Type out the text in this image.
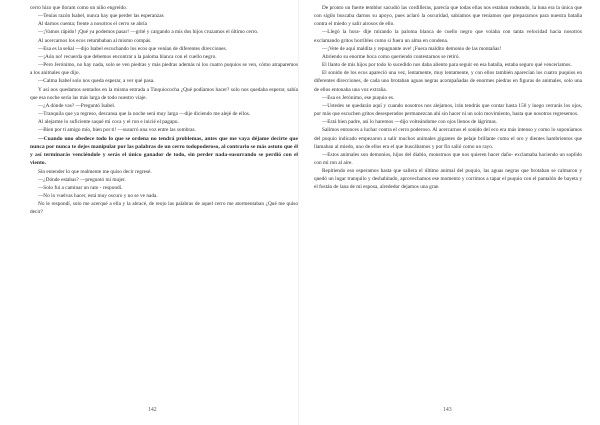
cerro hizo que lloram como un niño engreído.

—Tenías razón Isabel, nunca hay que perder las esperanzas

Al darnos cuenta; frente a nosotros el cerro se abría

—¡Vamos rápido! ¡Qué ya podemos pasar! —grité y cargando a mis dos hijos cruzamos el último cerro.

Al acercarnos los ecos retumbaban al mismo compás.

—Esa es la señal —dijo Isabel escuchando los ecos que venían de diferentes direcciones.

—¡Aún no! recuerda que debemos encontrar a la paloma blanca con el cuello negro.

—Pero Jerónimo, no hay nada, solo se ven piedras y más piedras además ni los cuatro puquios se ven, cómo atraparemos a los animales que dijo.

—Calma Isabel solo nos queda esperar, a ver qué pasa.

Y así nos quedamos sentados en la misma entrada a Tinquiococha ¿Qué podíamos hacer? solo nos quedaba esperar, sabía que esa noche sería las más larga de todo nuestro viaje.

—¿A dónde vas? —Preguntó Isabel.

—Tranquila que ya regreso, descansa que la noche será muy larga —dije diciendo me alejé de ellos.

Al alejarme lo suficiente saqué mi coca y el ron e inicié el pagapu.

—Bien por ti amigo mío, bien por ti! —susurró una voz entre las sombras.

—Cuando uno obedece todo lo que se ordena no tendrá problemas, antes que me vaya déjame decirte que nunca por nunca te dejes manipular por las palabras de un cerro todopoderoso, al contrario se más astuto que él y así terminarás venciéndole y serás el único ganador de todo, sin perder nada-susurrando se perdió con el viento.

Sin entender lo que realmente me quiso decir regresé.

—¿Dónde estabas? —preguntó mi mujer.

—Solo fui a caminar un rato - respondí.

—No lo vuelvas hacer, está muy oscuro y no se ve nada.

No le respondí, solo me acerqué a ella y la abracé, de reojo las palabras de aquel cerro me atormentaban ¿Qué me quiso decir?

142

De pronto un fuerte temblor sacudió las cordilleras, parecía que todas ellas nos estaban rodeando, la luna era la única que con sigilo buscaba darnos su apoyo, pues aclaró la oscuridad, sabíamos que teníamos que prepararnos para nuestra batalla contra el miedo y salir airosos de ello.

—Llegó la hora- dije mirando la paloma blanca de cuello negro que volaba con tanta velocidad hacia nosotros exclamando gritos horribles como si fuera un alma en condena.

—¡Vete de aquí maldita y repugnante ave! ¡Fuera maldito demonio de las montañas!

Abriendo su enorme boca como queriendo contestarnos se retiró.

El llanto de mis hijos por todo lo sucedido nos daba aliento para seguir en esa batalla, estaba seguro qué venceríamos.

El sonido de los ecos aparecíó una vez, lentamente, muy lentamente, y con ellos también aparecían los cuatro puquios en diferentes direcciones, de cada uno brotaban aguas negras acompañadas de enormes piedras en figuras de animales, solo una de ellos entonaba una voz extraña.

—Esa es Jerónimo, ese puquio es.

—Ustedes se quedarán aquí y cuando nosotros nos alejamos, irán tendrás que contar hasta 150 y luego cerrarás los ojos, por más que escuchen gritos desesperados permanezcan ahí sin hacer ni un solo movimiento, hasta que nosotros regresemos.

—Está bien padre, así lo haremos —dijo volteándome con ojos llenos de lágrimas.

Salimos entonces a luchar contra el cerro poderoso. Al acercarnos el sonido del eco era más intenso y como lo suponíamos del puquio indicado empezaron a salir muchos animales gigantes de pelaje brillante como el oro y dientes hambrientos que llamaban al miedo, uno de ellos era el que buscábamos y por fin salió como un rayo.

—Estos animales son demonios, hijos del diablo, monstruos que nos quieren hacer daño- exclamaba haciendo un soplido con mi ron al aire.

Repitiendo eso esperamos hasta que saliera el último animal del puquio, las aguas negras que brotaban se calmaron y quedó un lugar tranquilo y deshabitado, aprovechamos ese momento y corrimos a tapar el puquio con el pantalón de bayeta y el fustán de lana de mi esposa, alrededor dejamos una gran

143
